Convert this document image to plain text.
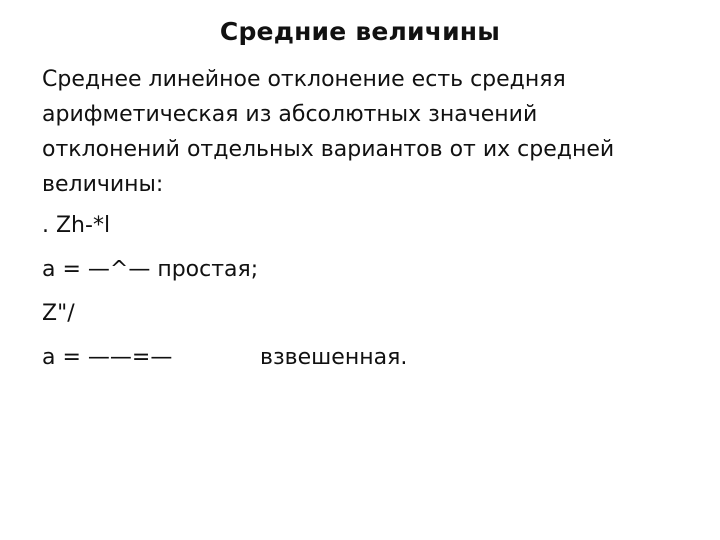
Средние величины
Среднее линейное отклонение есть средняя
арифметическая из абсолютных значений
отклонений отдельных вариантов от их средней
величины:
. Zh-*l
a = —^— простая;
Z"/
a = ——=—	взвешенная.
